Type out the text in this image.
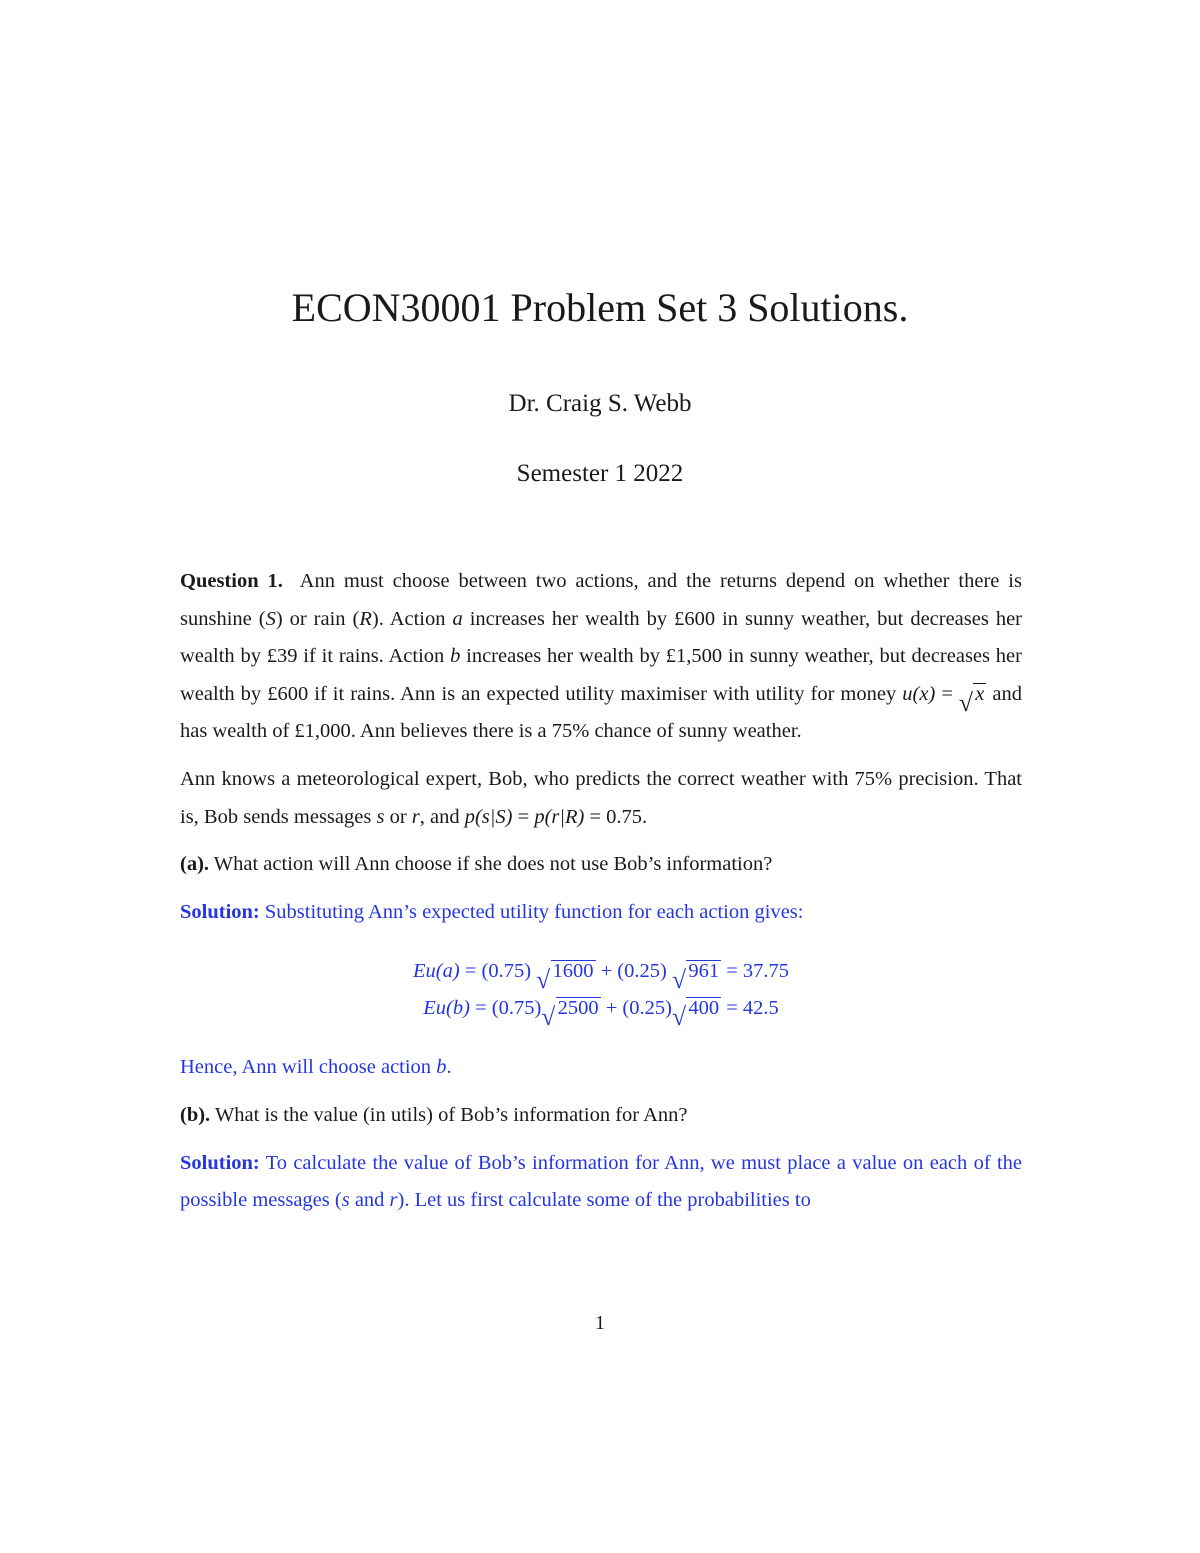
ECON30001 Problem Set 3 Solutions.
Dr. Craig S. Webb
Semester 1 2022

Question 1. Ann must choose between two actions, and the returns depend on whether there is sunshine (S) or rain (R). Action a increases her wealth by £600 in sunny weather, but decreases her wealth by £39 if it rains. Action b increases her wealth by £1,500 in sunny weather, but decreases her wealth by £600 if it rains. Ann is an expected utility maximiser with utility for money u(x) = √ x and has wealth of £1,000. Ann believes there is a 75% chance of sunny weather.

Ann knows a meteorological expert, Bob, who predicts the correct weather with 75% precision. That is, Bob sends messages s or r, and p(s|S) = p(r|R) = 0.75.

(a). What action will Ann choose if she does not use Bob’s information?

Solution: Substituting Ann’s expected utility function for each action gives:

Eu(a) = (0.75) √ 1600 + (0.25) √ 961 = 37.75
Eu(b) = (0.75) √ 2500 + (0.25) √ 400 = 42.5

Hence, Ann will choose action b.

(b). What is the value (in utils) of Bob’s information for Ann?

Solution: To calculate the value of Bob’s information for Ann, we must place a value on each of the possible messages (s and r). Let us first calculate some of the probabilities to

1
